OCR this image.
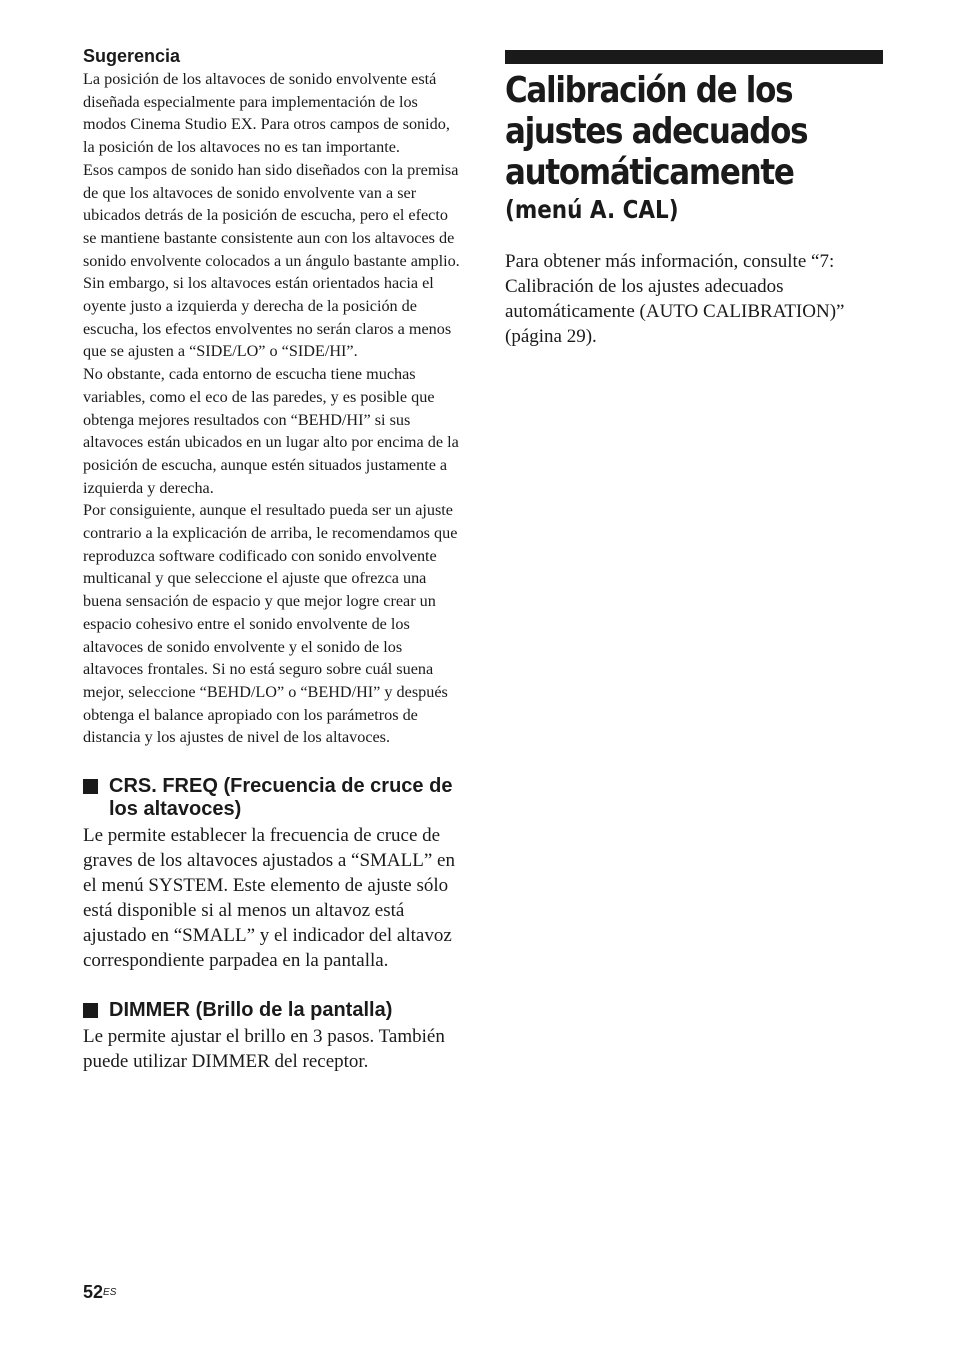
Sugerencia

La posición de los altavoces de sonido envolvente está diseñada especialmente para implementación de los modos Cinema Studio EX. Para otros campos de sonido, la posición de los altavoces no es tan importante.

Esos campos de sonido han sido diseñados con la premisa de que los altavoces de sonido envolvente van a ser ubicados detrás de la posición de escucha, pero el efecto se mantiene bastante consistente aun con los altavoces de sonido envolvente colocados a un ángulo bastante amplio. Sin embargo, si los altavoces están orientados hacia el oyente justo a izquierda y derecha de la posición de escucha, los efectos envolventes no serán claros a menos que se ajusten a “SIDE/LO” o “SIDE/HI”.

No obstante, cada entorno de escucha tiene muchas variables, como el eco de las paredes, y es posible que obtenga mejores resultados con “BEHD/HI” si sus altavoces están ubicados en un lugar alto por encima de la posición de escucha, aunque estén situados justamente a izquierda y derecha.

Por consiguiente, aunque el resultado pueda ser un ajuste contrario a la explicación de arriba, le recomendamos que reproduzca software codificado con sonido envolvente multicanal y que seleccione el ajuste que ofrezca una buena sensación de espacio y que mejor logre crear un espacio cohesivo entre el sonido envolvente de los altavoces de sonido envolvente y el sonido de los altavoces frontales. Si no está seguro sobre cuál suena mejor, seleccione “BEHD/LO” o “BEHD/HI” y después obtenga el balance apropiado con los parámetros de distancia y los ajustes de nivel de los altavoces.

CRS. FREQ (Frecuencia de cruce de los altavoces)

Le permite establecer la frecuencia de cruce de graves de los altavoces ajustados a “SMALL” en el menú SYSTEM. Este elemento de ajuste sólo está disponible si al menos un altavoz está ajustado en “SMALL” y el indicador del altavoz correspondiente parpadea en la pantalla.

DIMMER (Brillo de la pantalla)

Le permite ajustar el brillo en 3 pasos. También puede utilizar DIMMER del receptor.

Calibración de los
ajustes adecuados
automáticamente
(menú A. CAL)

Para obtener más información, consulte “7: Calibración de los ajustes adecuados automáticamente (AUTO CALIBRATION)” (página 29).

$52^{ES}$
